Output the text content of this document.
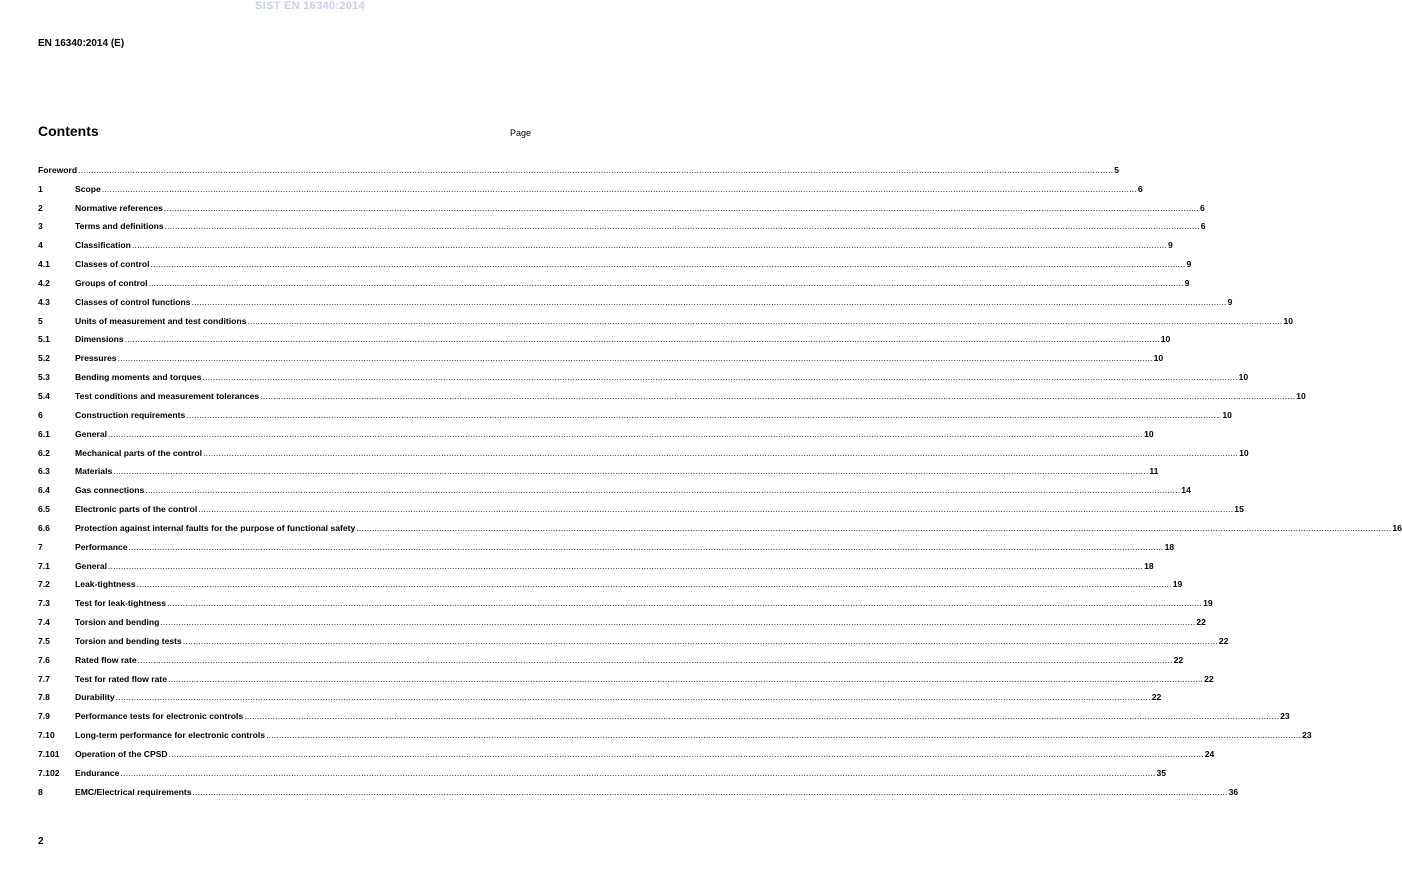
SIST EN 16340:2014
EN 16340:2014 (E)
Contents	Page
Foreword ................................................................................................................................................................................................................................................................................................................................................................................................................ 5
1	Scope ................................................................................................................................................................................................................................................................................................................................................................................................................ 6
2	Normative references ................................................................................................................................................................................................................................................................................................................................................................................................................ 6
3	Terms and definitions ................................................................................................................................................................................................................................................................................................................................................................................................................ 6
4	Classification ................................................................................................................................................................................................................................................................................................................................................................................................................ 9
4.1	Classes of control ................................................................................................................................................................................................................................................................................................................................................................................................................ 9
4.2	Groups of control ................................................................................................................................................................................................................................................................................................................................................................................................................ 9
4.3	Classes of control functions ................................................................................................................................................................................................................................................................................................................................................................................................................ 9
5	Units of measurement and test conditions ................................................................................................................................................................................................................................................................................................................................................................................................................ 10
5.1	Dimensions ................................................................................................................................................................................................................................................................................................................................................................................................................ 10
5.2	Pressures ................................................................................................................................................................................................................................................................................................................................................................................................................ 10
5.3	Bending moments and torques ................................................................................................................................................................................................................................................................................................................................................................................................................ 10
5.4	Test conditions and measurement tolerances ................................................................................................................................................................................................................................................................................................................................................................................................................ 10
6	Construction requirements ................................................................................................................................................................................................................................................................................................................................................................................................................ 10
6.1	General ................................................................................................................................................................................................................................................................................................................................................................................................................ 10
6.2	Mechanical parts of the control ................................................................................................................................................................................................................................................................................................................................................................................................................ 10
6.3	Materials ................................................................................................................................................................................................................................................................................................................................................................................................................ 11
6.4	Gas connections ................................................................................................................................................................................................................................................................................................................................................................................................................ 14
6.5	Electronic parts of the control ................................................................................................................................................................................................................................................................................................................................................................................................................ 15
6.6	Protection against internal faults for the purpose of functional safety ................................................................................................................................................................................................................................................................................................................................................................................................................ 16
7	Performance ................................................................................................................................................................................................................................................................................................................................................................................................................ 18
7.1	General ................................................................................................................................................................................................................................................................................................................................................................................................................ 18
7.2	Leak-tightness ................................................................................................................................................................................................................................................................................................................................................................................................................ 19
7.3	Test for leak-tightness ................................................................................................................................................................................................................................................................................................................................................................................................................ 19
7.4	Torsion and bending ................................................................................................................................................................................................................................................................................................................................................................................................................ 22
7.5	Torsion and bending tests ................................................................................................................................................................................................................................................................................................................................................................................................................ 22
7.6	Rated flow rate ................................................................................................................................................................................................................................................................................................................................................................................................................ 22
7.7	Test for rated flow rate ................................................................................................................................................................................................................................................................................................................................................................................................................ 22
7.8	Durability ................................................................................................................................................................................................................................................................................................................................................................................................................ 22
7.9	Performance tests for electronic controls ................................................................................................................................................................................................................................................................................................................................................................................................................ 23
7.10	Long-term performance for electronic controls ................................................................................................................................................................................................................................................................................................................................................................................................................ 23
7.101	Operation of the CPSD ................................................................................................................................................................................................................................................................................................................................................................................................................ 24
7.102	Endurance ................................................................................................................................................................................................................................................................................................................................................................................................................ 35
8	EMC/Electrical requirements ................................................................................................................................................................................................................................................................................................................................................................................................................ 36
2
